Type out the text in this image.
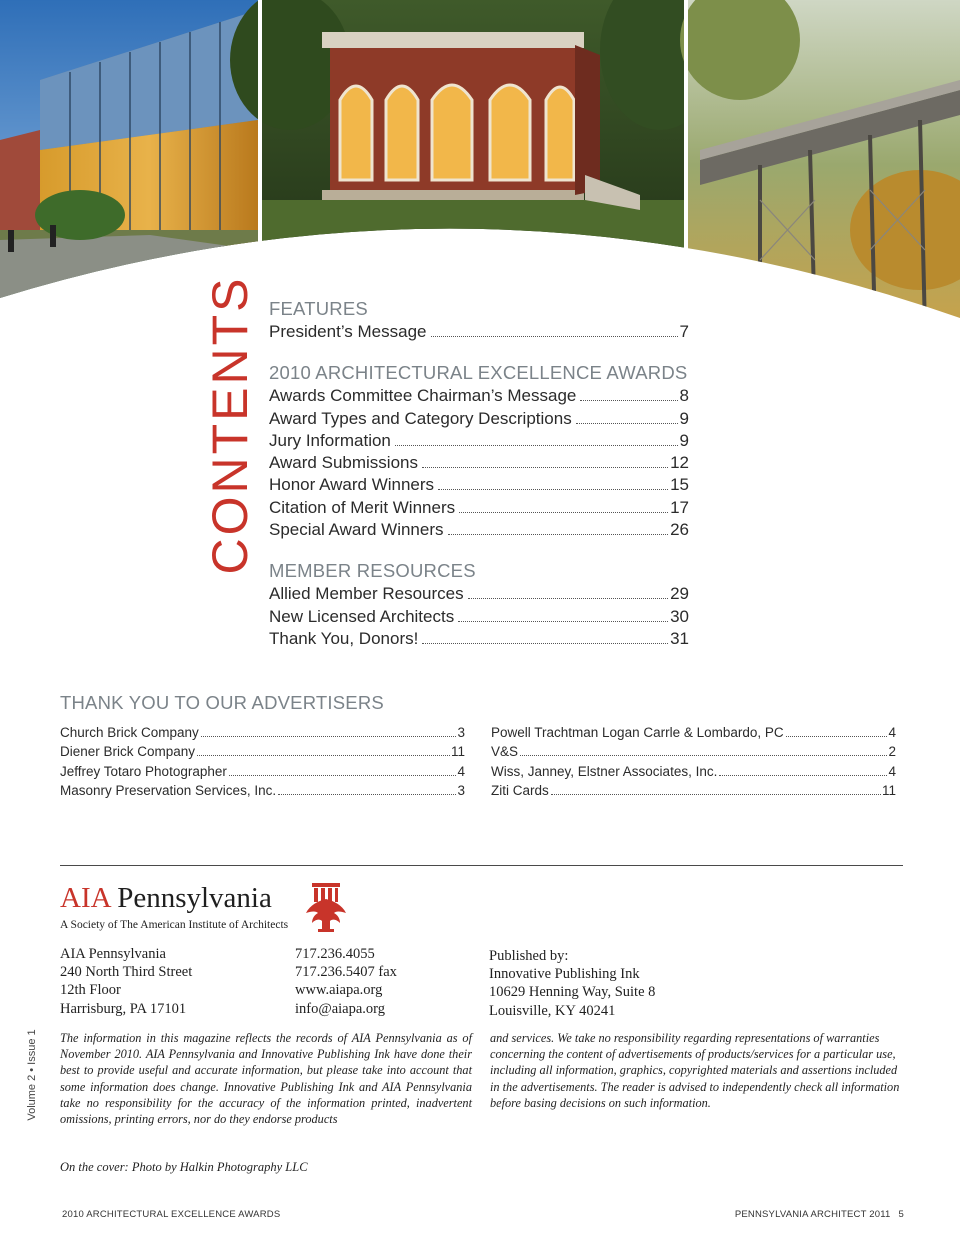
CONTENTS FEATURES
President’s Message	7
2010 ARCHITECTURAL EXCELLENCE AWARDS
Awards Committee Chairman’s Message	8
Award Types and Category Descriptions	9
Jury Information	9
Award Submissions	12
Honor Award Winners	15
Citation of Merit Winners	17
Special Award Winners	26
MEMBER RESOURCES
Allied Member Resources	29
New Licensed Architects	30
Thank You, Donors!	31
THANK YOU TO OUR ADVERTISERS
Church Brick Company	3
Diener Brick Company	11
Jeffrey Totaro Photographer	4
Masonry Preservation Services, Inc.	3
Powell Trachtman Logan Carrle & Lombardo, PC	4
V&S	2
Wiss, Janney, Elstner Associates, Inc.	4
Ziti Cards	11
AIA Pennsylvania
A Society of The American Institute of Architects
AIA Pennsylvania
240 North Third Street
12th Floor
Harrisburg, PA 17101
717.236.4055
717.236.5407 fax
www.aiapa.org
info@aiapa.org
Published by:
Innovative Publishing Ink
10629 Henning Way, Suite 8
Louisville, KY 40241
Volume 2 • Issue 1 The information in this magazine reflects the records of AIA Pennsylvania as of November 2010. AIA Pennsylvania and Innovative Publishing Ink have done their best to provide useful and accurate information, but please take into account that some information does change. Innovative Publishing Ink and AIA Pennsylvania take no responsibility for the accuracy of the information printed, inadvertent omissions, printing errors, nor do they endorse products
and services. We take no responsibility regarding representations of warranties concerning the content of advertisements of products/services for a particular use, including all information, graphics, copyrighted materials and assertions included in the advertisements. The reader is advised to independently check all information before basing decisions on such information.
On the cover: Photo by Halkin Photography LLC
2010 ARCHITECTURAL EXCELLENCE AWARDS	PENNSYLVANIA ARCHITECT 2011 5
